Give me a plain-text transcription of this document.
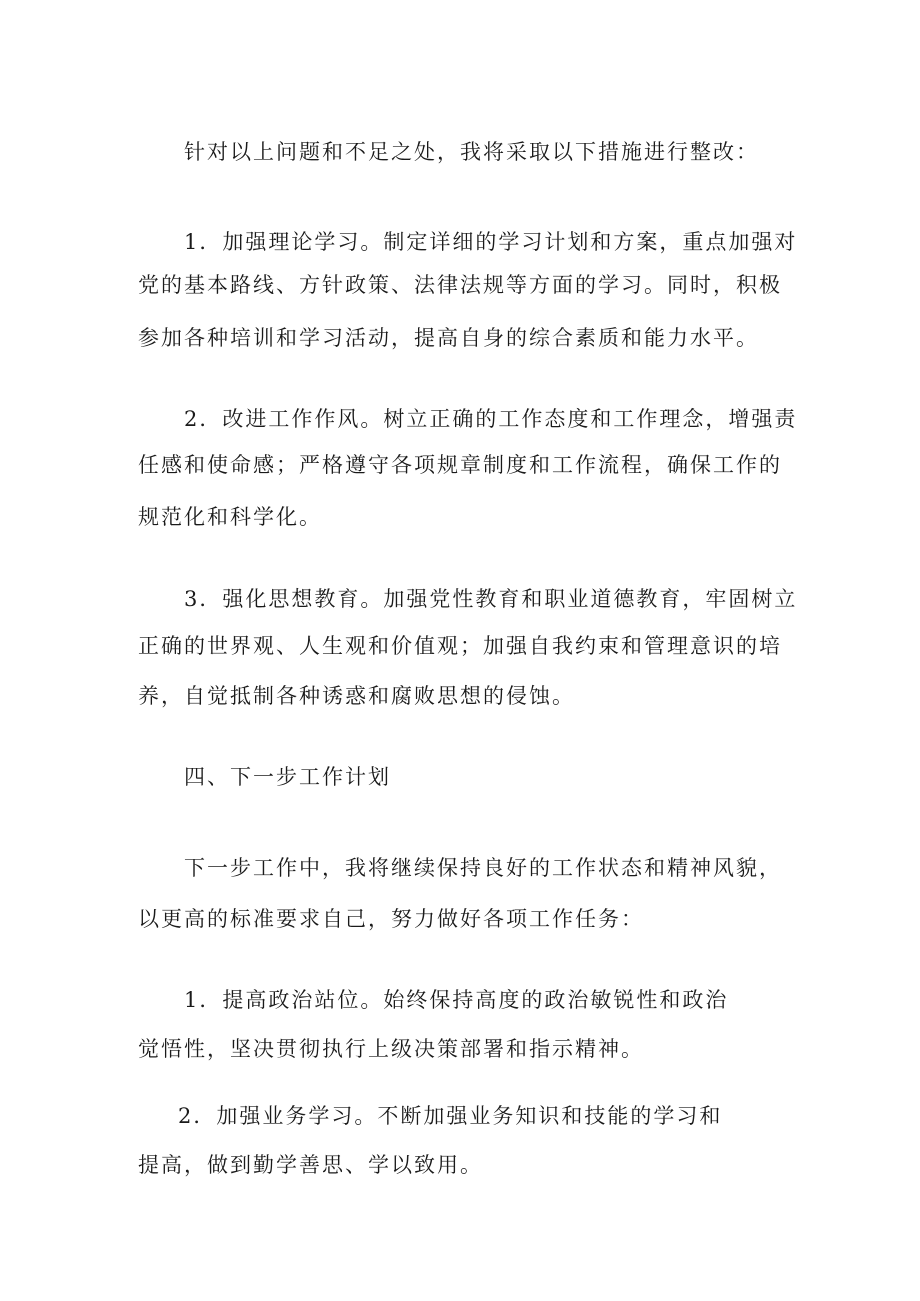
针对以上问题和不足之处，我将采取以下措施进行整改：
1．加强理论学习。制定详细的学习计划和方案，重点加强对
党的基本路线、方针政策、法律法规等方面的学习。同时，积极
参加各种培训和学习活动，提高自身的综合素质和能力水平。
2．改进工作作风。树立正确的工作态度和工作理念，增强责
任感和使命感；严格遵守各项规章制度和工作流程，确保工作的
规范化和科学化。
3．强化思想教育。加强党性教育和职业道德教育，牢固树立
正确的世界观、人生观和价值观；加强自我约束和管理意识的培
养，自觉抵制各种诱惑和腐败思想的侵蚀。
四、下一步工作计划
下一步工作中，我将继续保持良好的工作状态和精神风貌，
以更高的标准要求自己，努力做好各项工作任务：
1．提高政治站位。始终保持高度的政治敏锐性和政治
觉悟性，坚决贯彻执行上级决策部署和指示精神。
2．加强业务学习。不断加强业务知识和技能的学习和
提高，做到勤学善思、学以致用。
